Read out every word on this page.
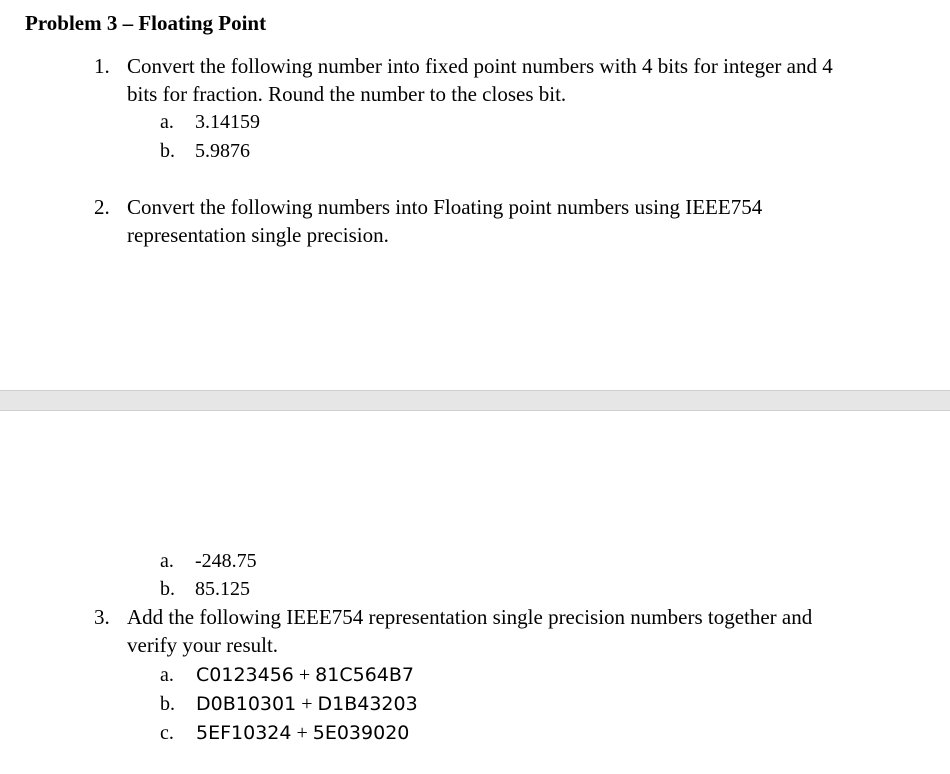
Problem 3 – Floating Point
1. Convert the following number into fixed point numbers with 4 bits for integer and 4
bits for fraction. Round the number to the closes bit.
a. 3.14159
b. 5.9876
2. Convert the following numbers into Floating point numbers using IEEE754
representation single precision.
a. -248.75
b. 85.125
3. Add the following IEEE754 representation single precision numbers together and
verify your result.
a. C0123456 + 81C564B7
b. D0B10301 + D1B43203
c. 5EF10324 + 5E039020
